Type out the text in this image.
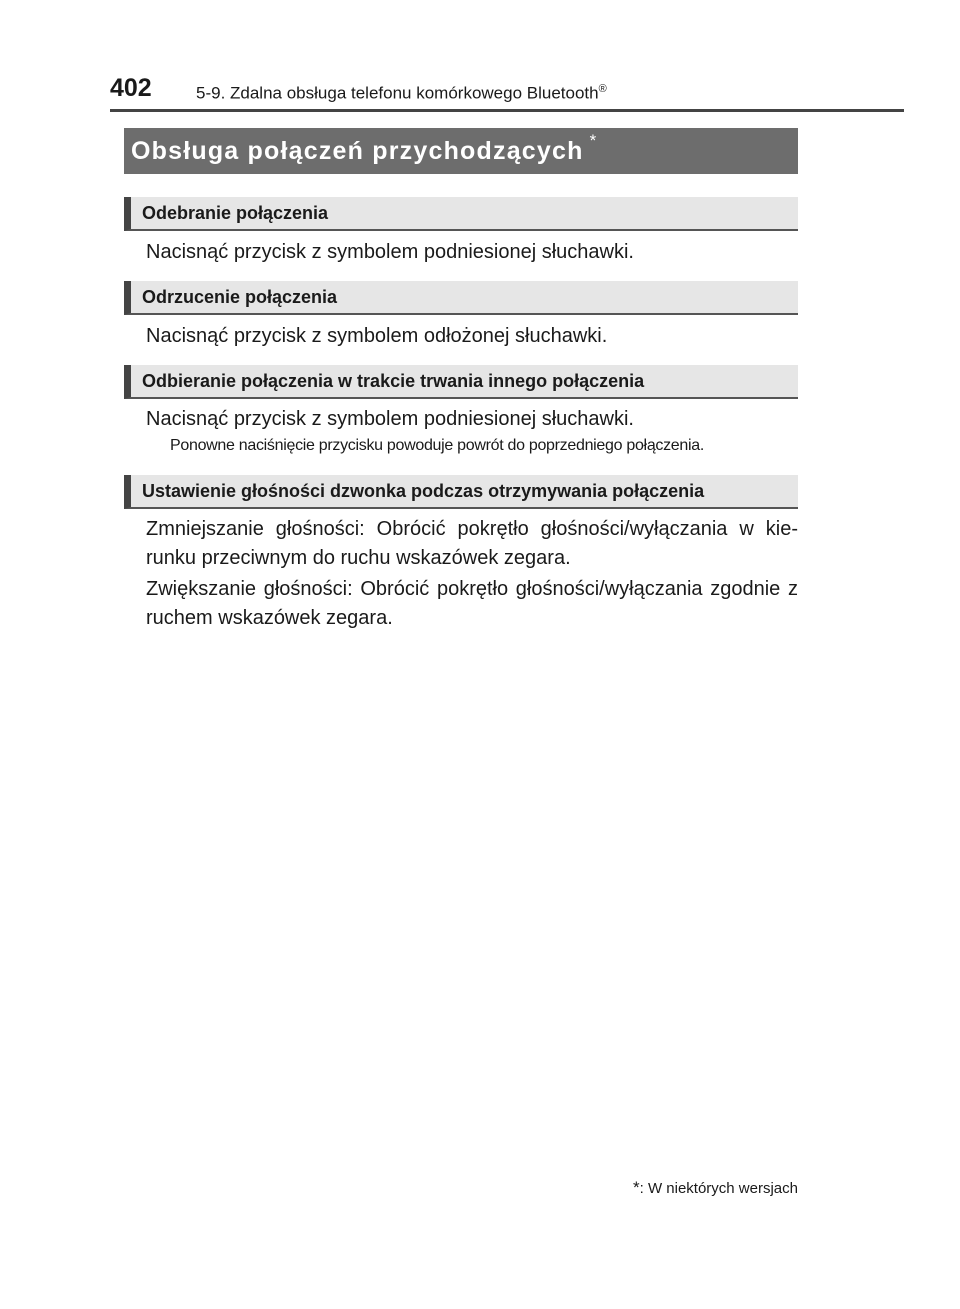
402	5-9. Zdalna obsługa telefonu komórkowego Bluetooth®
Obsługa połączeń przychodzących *
Odebranie połączenia

Nacisnąć przycisk z symbolem podniesionej słuchawki.

Odrzucenie połączenia

Nacisnąć przycisk z symbolem odłożonej słuchawki.

Odbieranie połączenia w trakcie trwania innego połączenia

Nacisnąć przycisk z symbolem podniesionej słuchawki.

Ponowne naciśnięcie przycisku powoduje powrót do poprzedniego połączenia.

Ustawienie głośności dzwonka podczas otrzymywania połączenia

Zmniejszanie głośności: Obrócić pokrętło głośności/wyłączania w kie-runku przeciwnym do ruchu wskazówek zegara.

Zwiększanie głośności: Obrócić pokrętło głośności/wyłączania zgodnie z ruchem wskazówek zegara.

*: W niektórych wersjach
